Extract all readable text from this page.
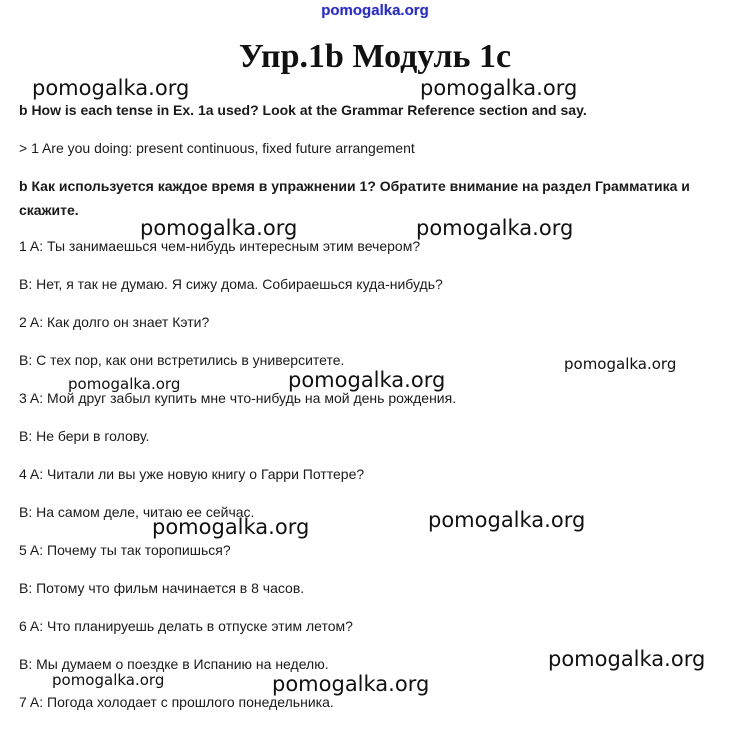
pomogalka.org
Упр.1b Модуль 1c
b How is each tense in Ex. 1a used? Look at the Grammar Reference section and say.
> 1 Are you doing: present continuous, fixed future arrangement
b Как используется каждое время в упражнении 1? Обратите внимание на раздел Грамматика и
скажите.
1 A: Ты занимаешься чем-нибудь интересным этим вечером?
B: Нет, я так не думаю. Я сижу дома. Собираешься куда-нибудь?
2 A: Как долго он знает Кэти?
B: С тех пор, как они встретились в университете.
3 A: Мой друг забыл купить мне что-нибудь на мой день рождения.
B: Не бери в голову.
4 A: Читали ли вы уже новую книгу о Гарри Поттере?
B: На самом деле, читаю ее сейчас.
5 A: Почему ты так торопишься?
B: Потому что фильм начинается в 8 часов.
6 A: Что планируешь делать в отпуске этим летом?
B: Мы думаем о поездке в Испанию на неделю.
7 A: Погода холодает с прошлого понедельника.
pomogalka.org	pomogalka.org
pomogalka.org	pomogalka.org
pomogalka.org
pomogalka.org
pomogalka.org
pomogalka.org
pomogalka.org
pomogalka.org
pomogalka.org	pomogalka.org
